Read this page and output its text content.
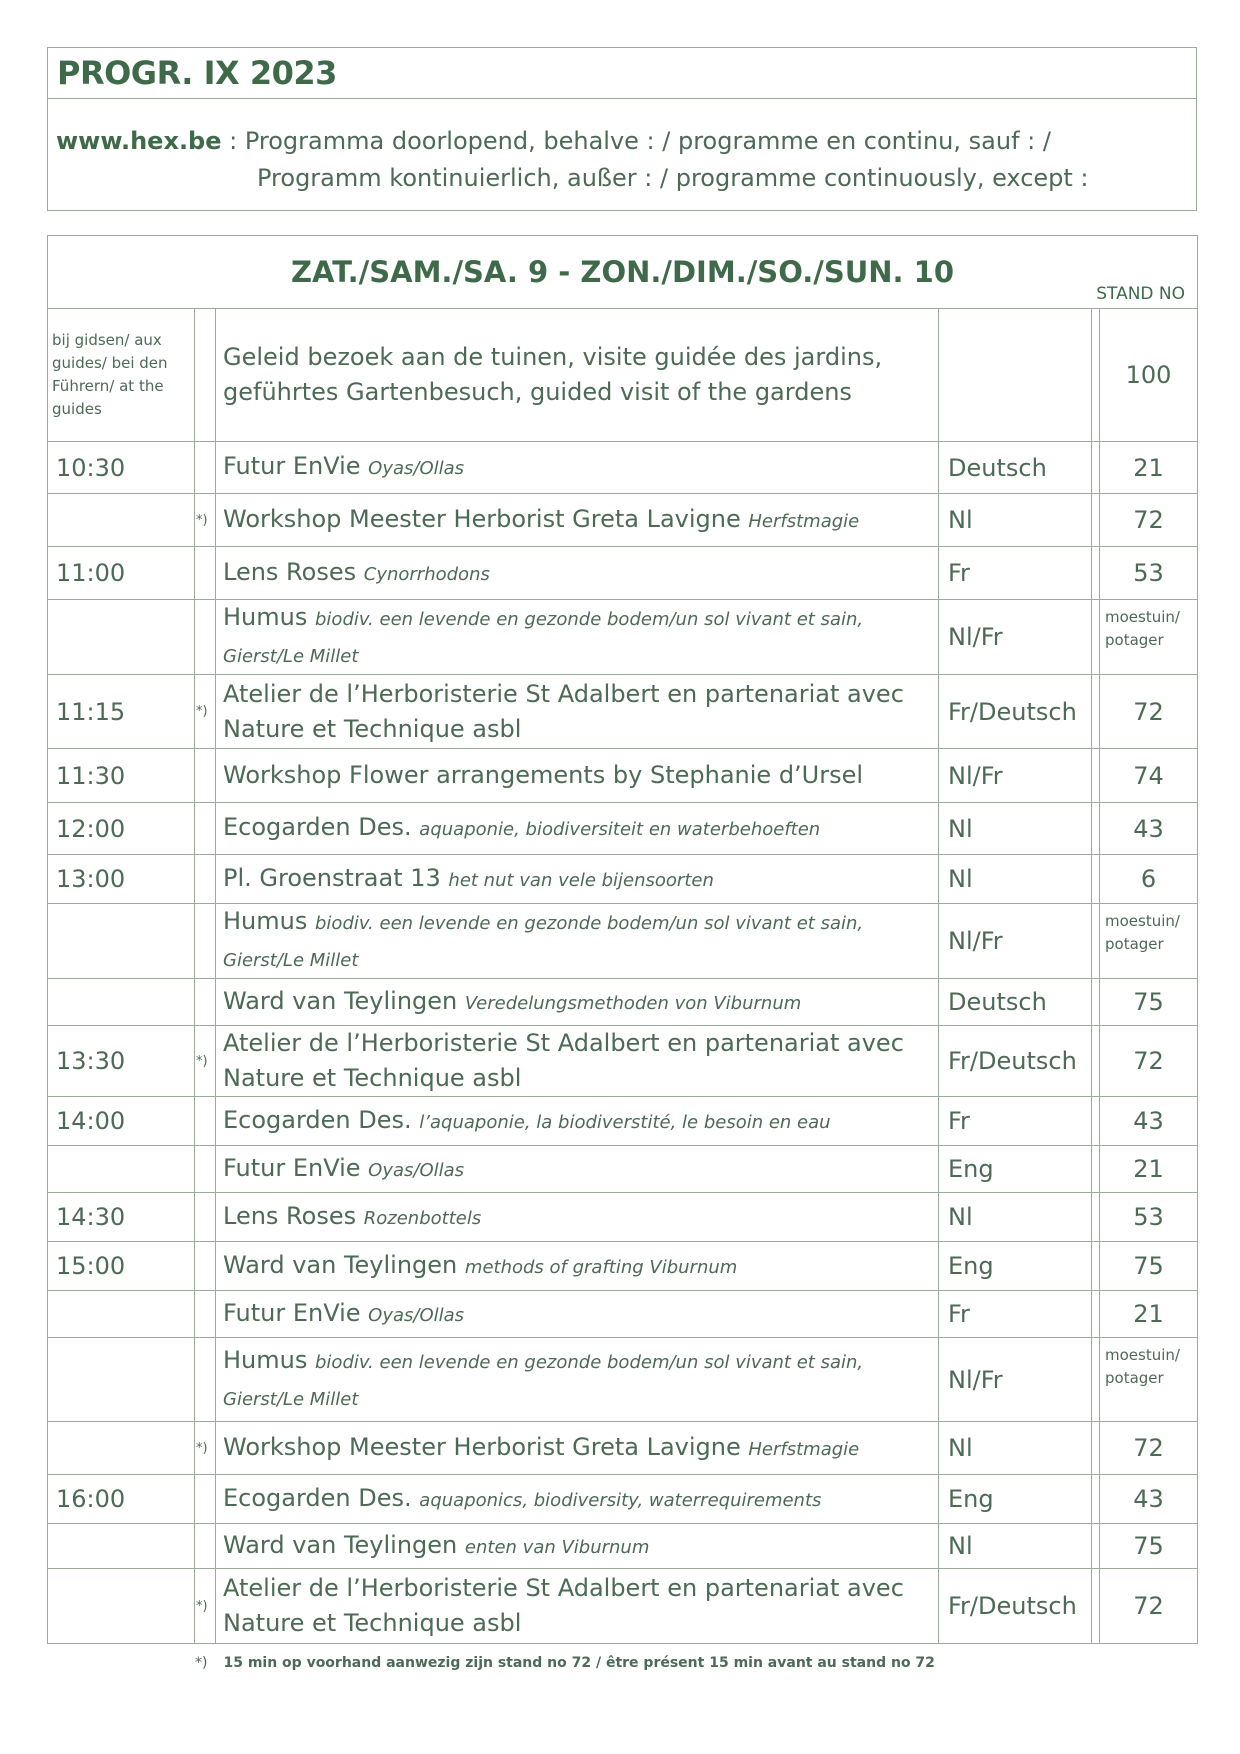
PROGR. IX 2023
www.hex.be : Programma doorlopend, behalve : / programme en continu, sauf : /
Programm kontinuierlich, außer : / programme continuously, except :
ZAT./SAM./SA. 9 - ZON./DIM./SO./SUN. 10
STAND NO					

bij gidsen/ aux guides/ bei den Führern/ at the guides		Geleid bezoek aan de tuinen, visite guidée des jardins, geführtes Gartenbesuch, guided visit of the gardens			100
10:30		Futur EnVie Oyas/Ollas	Deutsch		21
	*)	Workshop Meester Herborist Greta Lavigne Herfstmagie	Nl		72
11:00		Lens Roses Cynorrhodons	Fr		53
		Humus biodiv. een levende en gezonde bodem/un sol vivant et sain, Gierst/Le Millet	Nl/Fr		moestuin/ potager
11:15	*)	Atelier de l’Herboristerie St Adalbert en partenariat avec Nature et Technique asbl	Fr/Deutsch		72
11:30		Workshop Flower arrangements by Stephanie d’Ursel	Nl/Fr		74
12:00		Ecogarden Des. aquaponie, biodiversiteit en waterbehoeften	Nl		43
13:00		Pl. Groenstraat 13 het nut van vele bijensoorten	Nl		6
		Humus biodiv. een levende en gezonde bodem/un sol vivant et sain, Gierst/Le Millet	Nl/Fr		moestuin/ potager
		Ward van Teylingen Veredelungsmethoden von Viburnum	Deutsch		75
13:30	*)	Atelier de l’Herboristerie St Adalbert en partenariat avec Nature et Technique asbl	Fr/Deutsch		72
14:00		Ecogarden Des. l’aquaponie, la biodiverstité, le besoin en eau	Fr		43
		Futur EnVie Oyas/Ollas	Eng		21
14:30		Lens Roses Rozenbottels	Nl		53
15:00		Ward van Teylingen methods of grafting Viburnum	Eng		75
		Futur EnVie Oyas/Ollas	Fr		21
		Humus biodiv. een levende en gezonde bodem/un sol vivant et sain, Gierst/Le Millet	Nl/Fr		moestuin/ potager
	*)	Workshop Meester Herborist Greta Lavigne Herfstmagie	Nl		72
16:00		Ecogarden Des. aquaponics, biodiversity, waterrequirements	Eng		43
		Ward van Teylingen enten van Viburnum	Nl		75
	*)	Atelier de l’Herboristerie St Adalbert en partenariat avec Nature et Technique asbl	Fr/Deutsch		72
*) 15 min op voorhand aanwezig zijn stand no 72 / être présent 15 min avant au stand no 72
